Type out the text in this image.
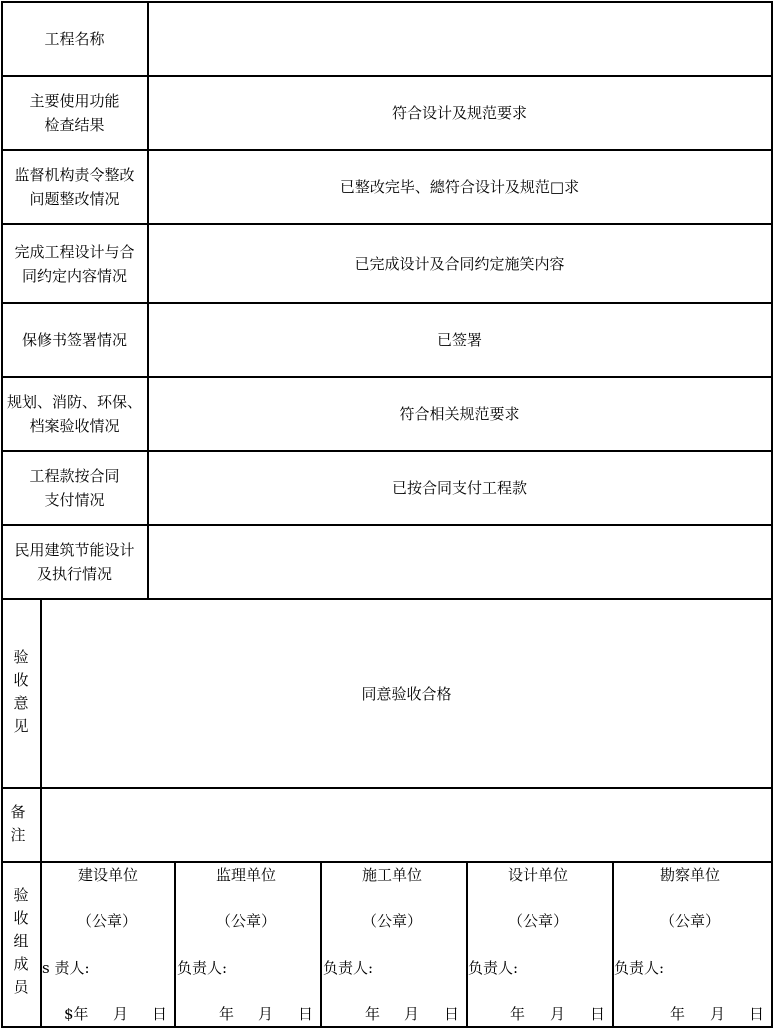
工程名称
主要使用功能
检查结果
符合设计及规范要求
监督机构责令整改
问题整改情况
已整改完毕、總符合设计及规范□求
完成工程设计与合
同约定内容情况
已完成设计及合同约定施笑内容
保修书签署情况	已签署
规划、消防、环保、
档案验收情况
符合相关规范要求
工程款按合同
支付情况
已按合同支付工程款
民用建筑节能设计
及执行情况
验
收
意
见
同意验收合格
备
注
验
收
组
成
员
建设单位
（公章）
s 责人:
$年 月 日
监理单位
（公章）
负责人:
年 月 日
施工单位
（公章）
负责人:
年 月 日
设计单位
（公章）
负责人:
年 月 日
勘察单位
（公章）
负责人:
年 月 日
